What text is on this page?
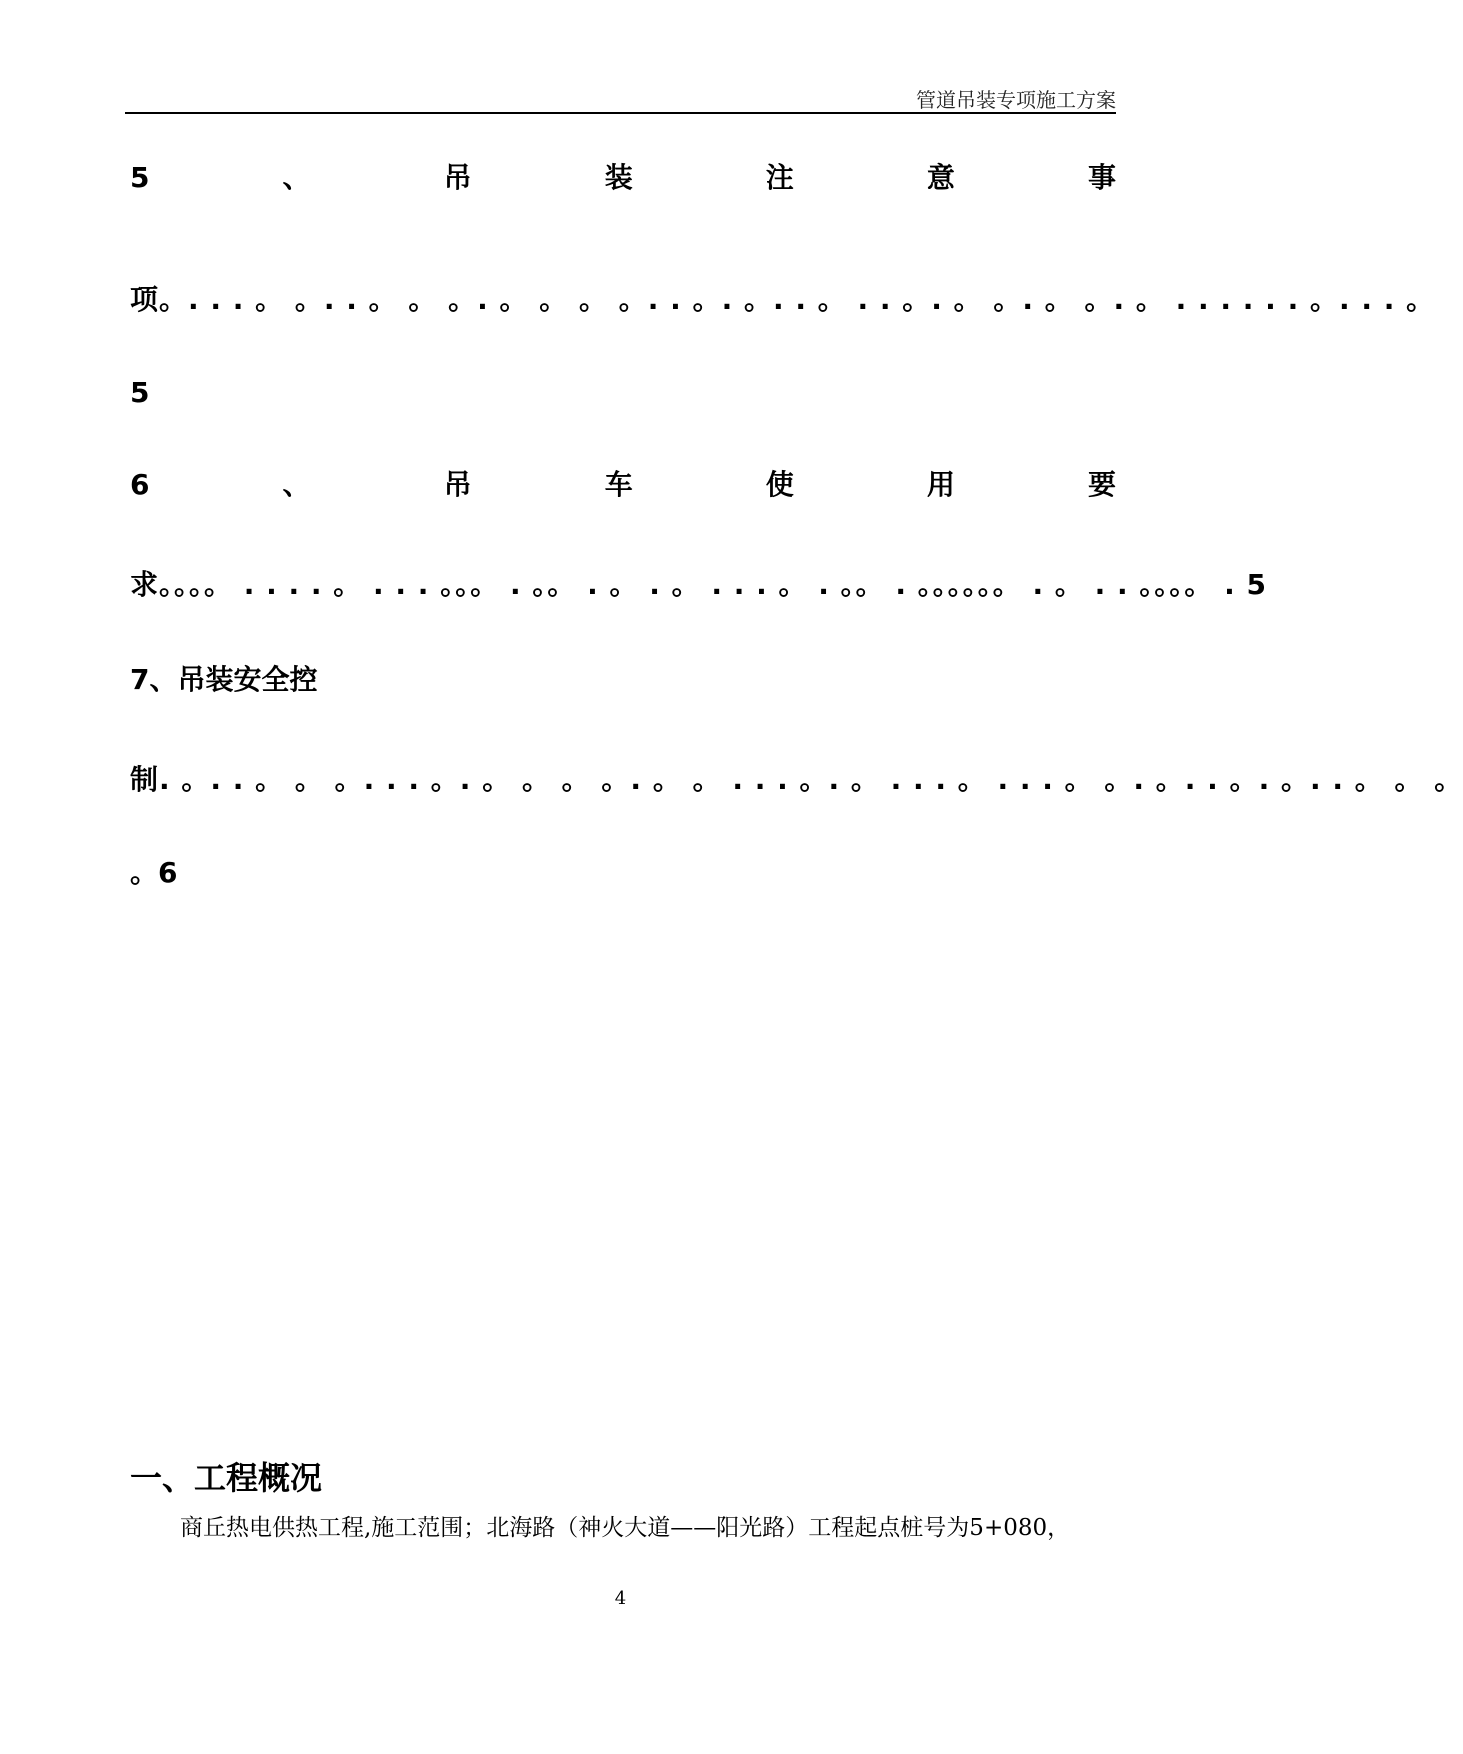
管道吊装专项施工方案
5	、	吊	装	注	意	事
项。. . . 。 。. . 。 。 。. 。 。 。 。. . 。. 。. . 。 . . 。. 。 。. 。 。. 。 . . . . . . 。. . . 。
5
6	、	吊	车	使	用	要
求。。。。 . . . . 。 . . . 。。。 . 。。 . 。 . 。 . . . 。 . 。。 . 。。。。。。 . 。 . . 。。。。 . 5
7、吊装安全控
制. 。. . 。 。 。. . . 。. 。 。 。 。. 。 。 . . . 。. 。 . . . 。 . . . 。 。. 。. . 。. 。. . 。 。 。
。6
一、工程概况
商丘热电供热工程,施工范围；北海路（神火大道——阳光路）工程起点桩号为5+080，
4
